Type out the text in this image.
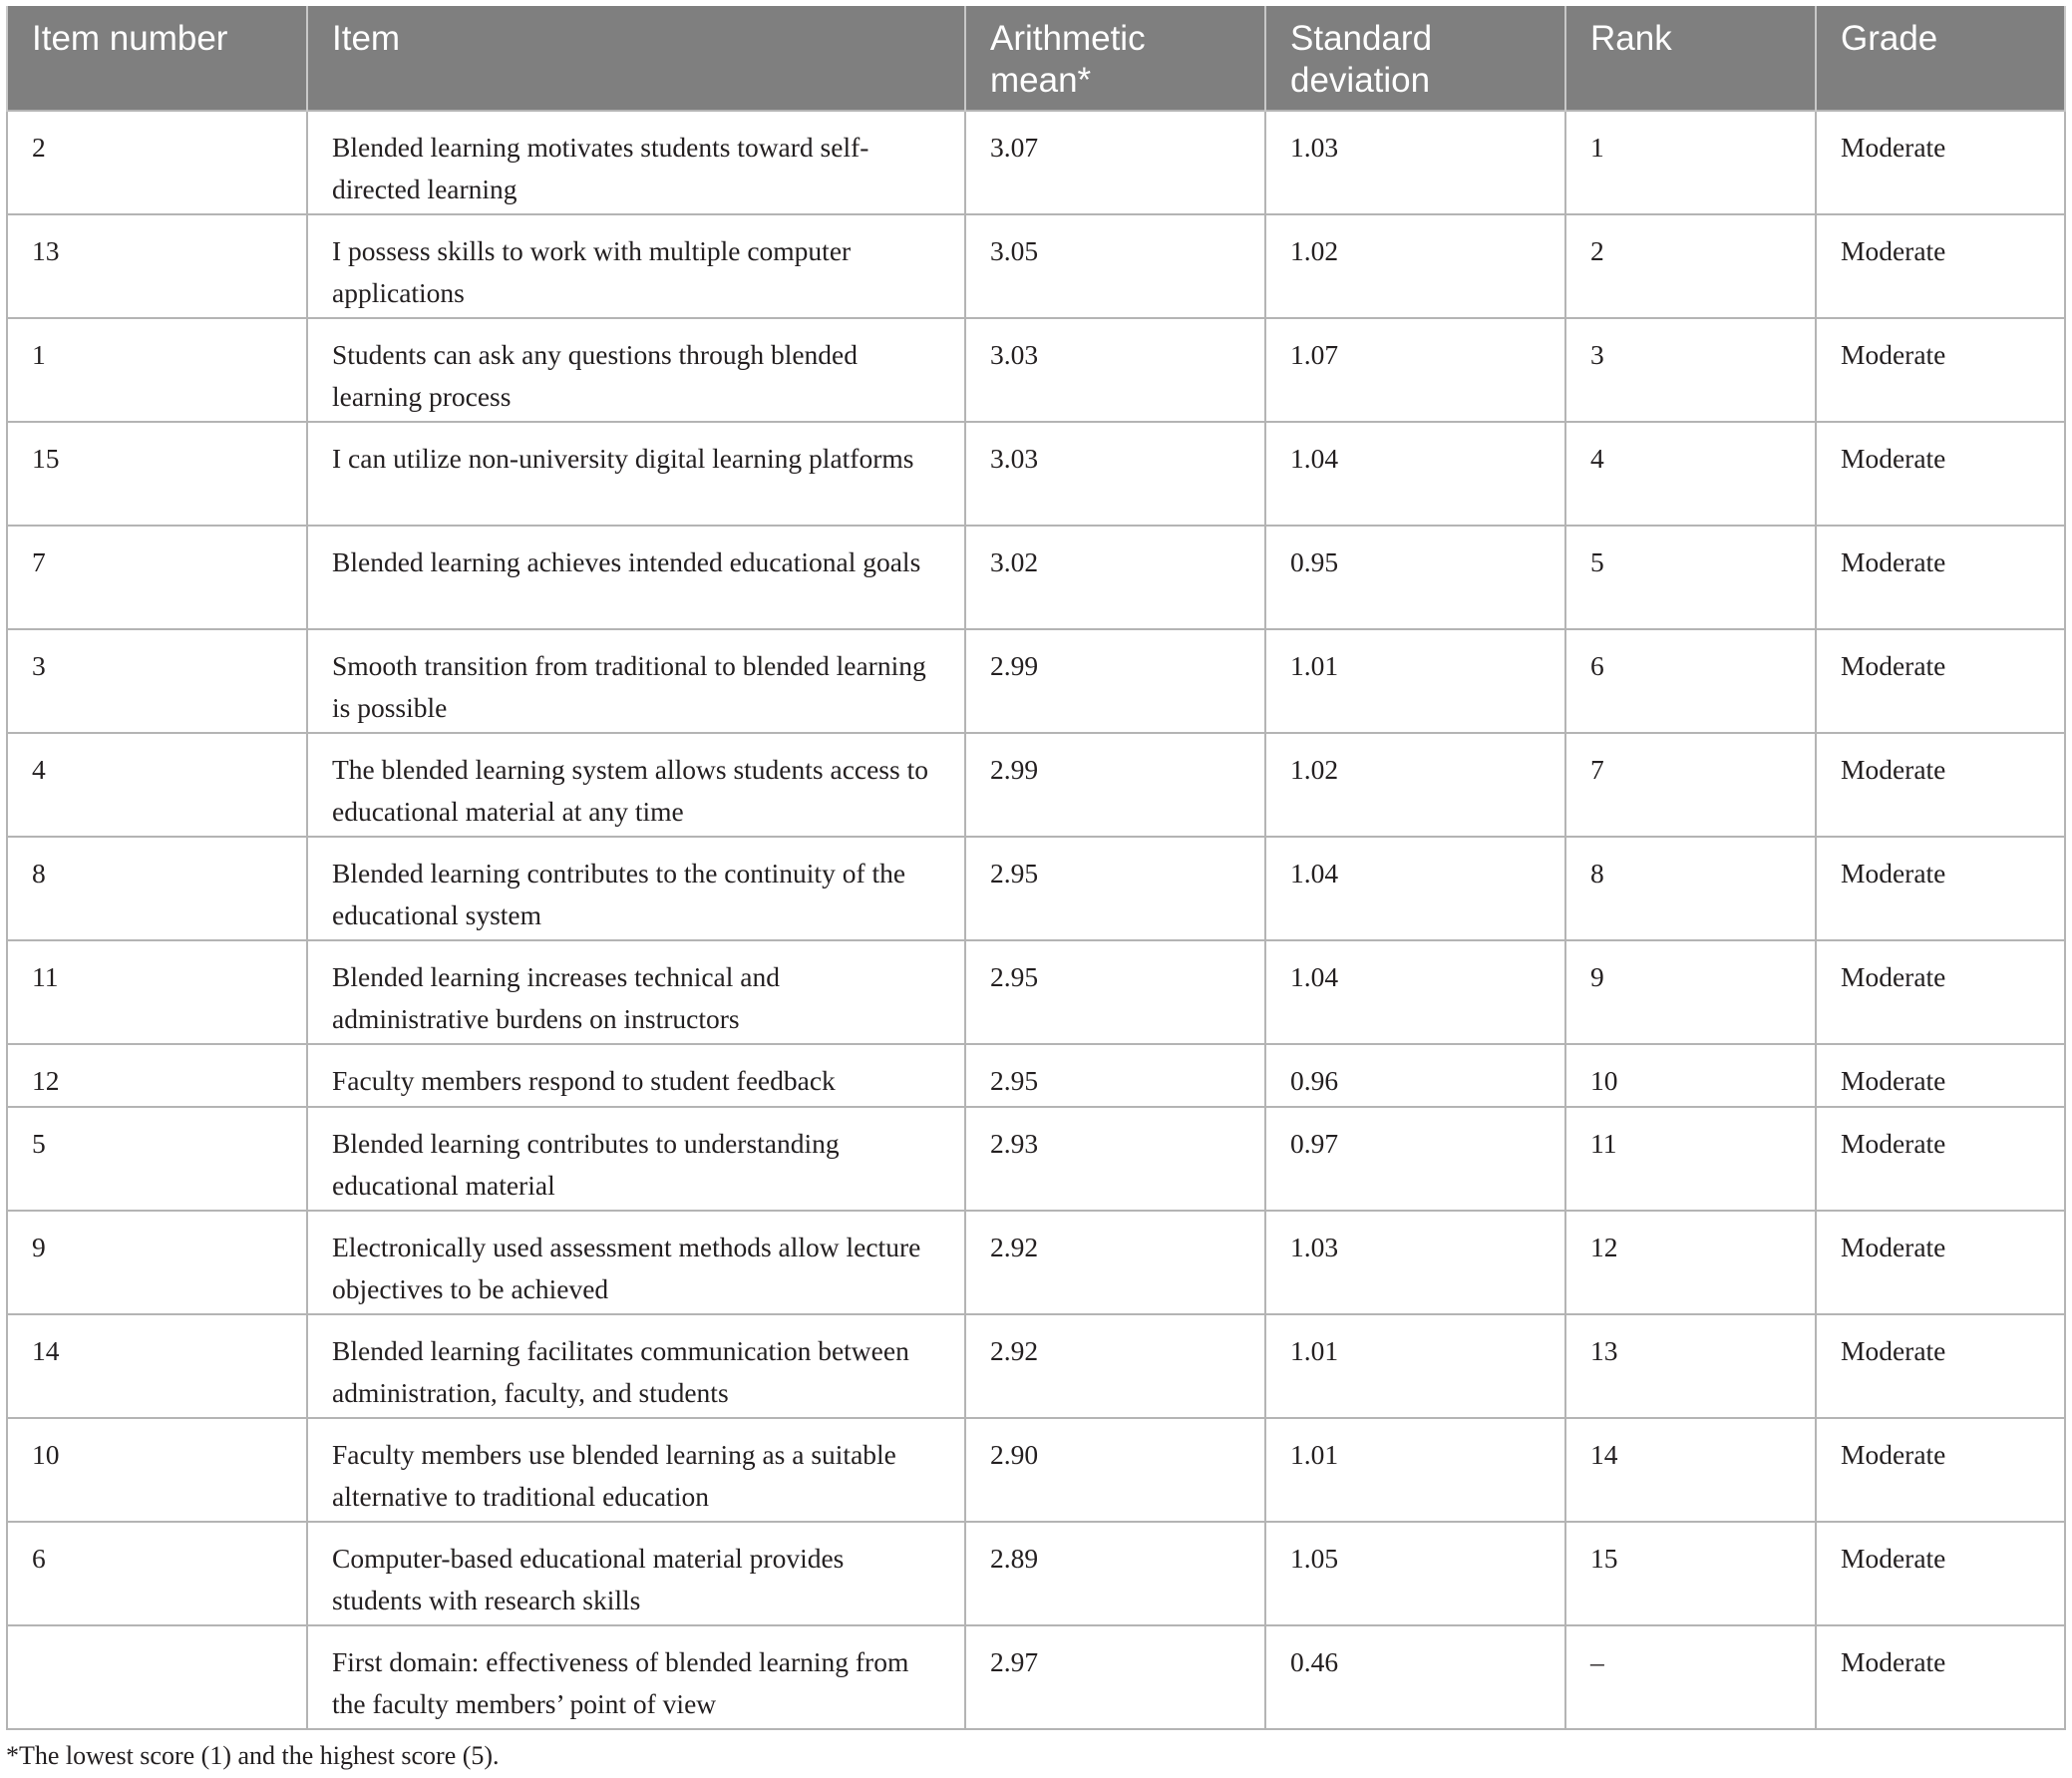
Item number	Item	Arithmetic mean*	Standard deviation	Rank	Grade
2	Blended learning motivates students toward self-directed learning	3.07	1.03	1	Moderate
13	I possess skills to work with multiple computer applications	3.05	1.02	2	Moderate
1	Students can ask any questions through blended learning process	3.03	1.07	3	Moderate
15	I can utilize non-university digital learning platforms	3.03	1.04	4	Moderate
7	Blended learning achieves intended educational goals	3.02	0.95	5	Moderate
3	Smooth transition from traditional to blended learning is possible	2.99	1.01	6	Moderate
4	The blended learning system allows students access to educational material at any time	2.99	1.02	7	Moderate
8	Blended learning contributes to the continuity of the educational system	2.95	1.04	8	Moderate
11	Blended learning increases technical and administrative burdens on instructors	2.95	1.04	9	Moderate
12	Faculty members respond to student feedback	2.95	0.96	10	Moderate
5	Blended learning contributes to understanding educational material	2.93	0.97	11	Moderate
9	Electronically used assessment methods allow lecture objectives to be achieved	2.92	1.03	12	Moderate
14	Blended learning facilitates communication between administration, faculty, and students	2.92	1.01	13	Moderate
10	Faculty members use blended learning as a suitable alternative to traditional education	2.90	1.01	14	Moderate
6	Computer-based educational material provides students with research skills	2.89	1.05	15	Moderate
	First domain: effectiveness of blended learning from the faculty members’ point of view	2.97	0.46	–	Moderate
*The lowest score (1) and the highest score (5).
